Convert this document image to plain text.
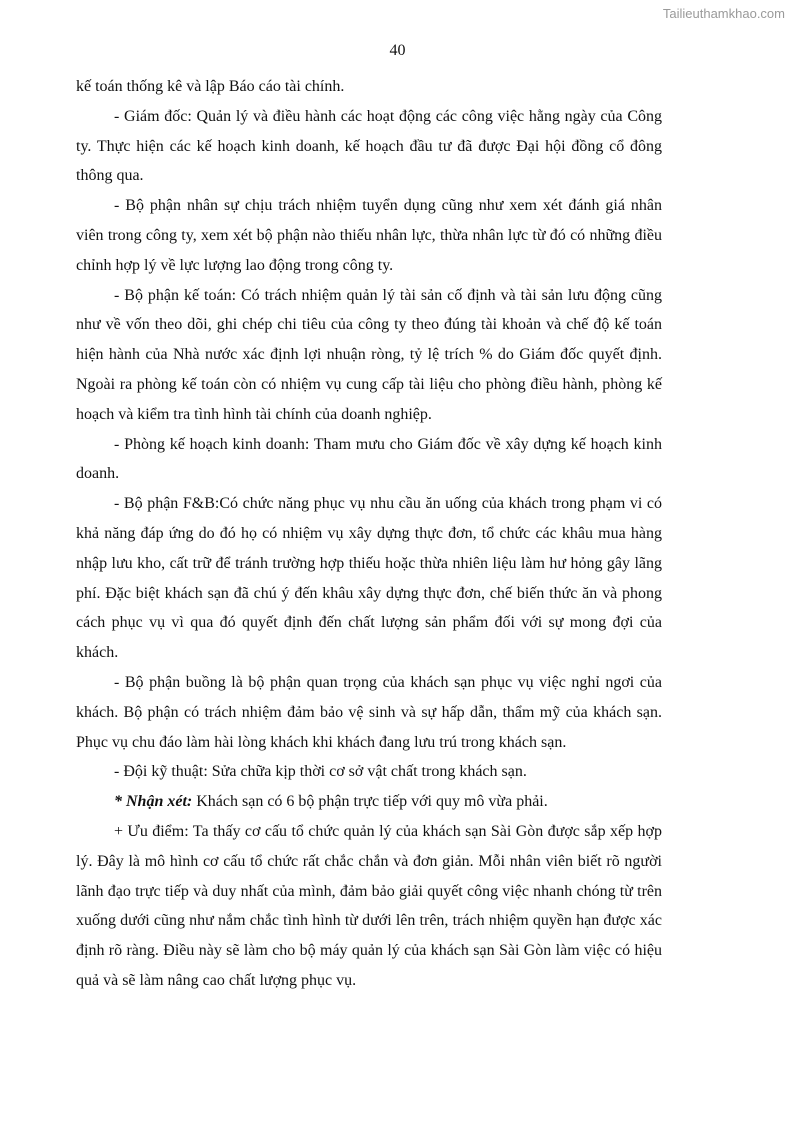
Tailieuthamkhao.com
40

kế toán thống kê và lập Báo cáo tài chính.

- Giám đốc: Quản lý và điều hành các hoạt động các công việc hằng ngày của Công ty. Thực hiện các kế hoạch kinh doanh, kế hoạch đầu tư đã được Đại hội đồng cổ đông thông qua.

- Bộ phận nhân sự chịu trách nhiệm tuyển dụng cũng như xem xét đánh giá nhân viên trong công ty, xem xét bộ phận nào thiếu nhân lực, thừa nhân lực từ đó có những điều chỉnh hợp lý về lực lượng lao động trong công ty.

- Bộ phận kế toán: Có trách nhiệm quản lý tài sản cố định và tài sản lưu động cũng như về vốn theo dõi, ghi chép chi tiêu của công ty theo đúng tài khoản và chế độ kế toán hiện hành của Nhà nước xác định lợi nhuận ròng, tỷ lệ trích % do Giám đốc quyết định. Ngoài ra phòng kế toán còn có nhiệm vụ cung cấp tài liệu cho phòng điều hành, phòng kế hoạch và kiểm tra tình hình tài chính của doanh nghiệp.

- Phòng kế hoạch kinh doanh: Tham mưu cho Giám đốc về xây dựng kế hoạch kinh doanh.

- Bộ phận F&B:Có chức năng phục vụ nhu cầu ăn uống của khách trong phạm vi có khả năng đáp ứng do đó họ có nhiệm vụ xây dựng thực đơn, tổ chức các khâu mua hàng nhập lưu kho, cất trữ để tránh trường hợp thiếu hoặc thừa nhiên liệu làm hư hỏng gây lãng phí. Đặc biệt khách sạn đã chú ý đến khâu xây dựng thực đơn, chế biến thức ăn và phong cách phục vụ vì qua đó quyết định đến chất lượng sản phẩm đối với sự mong đợi của khách.

- Bộ phận buồng là bộ phận quan trọng của khách sạn phục vụ việc nghỉ ngơi của khách. Bộ phận có trách nhiệm đảm bảo vệ sinh và sự hấp dẫn, thẩm mỹ của khách sạn. Phục vụ chu đáo làm hài lòng khách khi khách đang lưu trú trong khách sạn.

- Đội kỹ thuật: Sửa chữa kịp thời cơ sở vật chất trong khách sạn.

* Nhận xét: Khách sạn có 6 bộ phận trực tiếp với quy mô vừa phải.

+ Ưu điểm: Ta thấy cơ cấu tổ chức quản lý của khách sạn Sài Gòn được sắp xếp hợp lý. Đây là mô hình cơ cấu tổ chức rất chắc chắn và đơn giản. Mỗi nhân viên biết rõ người lãnh đạo trực tiếp và duy nhất của mình, đảm bảo giải quyết công việc nhanh chóng từ trên xuống dưới cũng như nắm chắc tình hình từ dưới lên trên, trách nhiệm quyền hạn được xác định rõ ràng. Điều này sẽ làm cho bộ máy quản lý của khách sạn Sài Gòn làm việc có hiệu quả và sẽ làm nâng cao chất lượng phục vụ.
